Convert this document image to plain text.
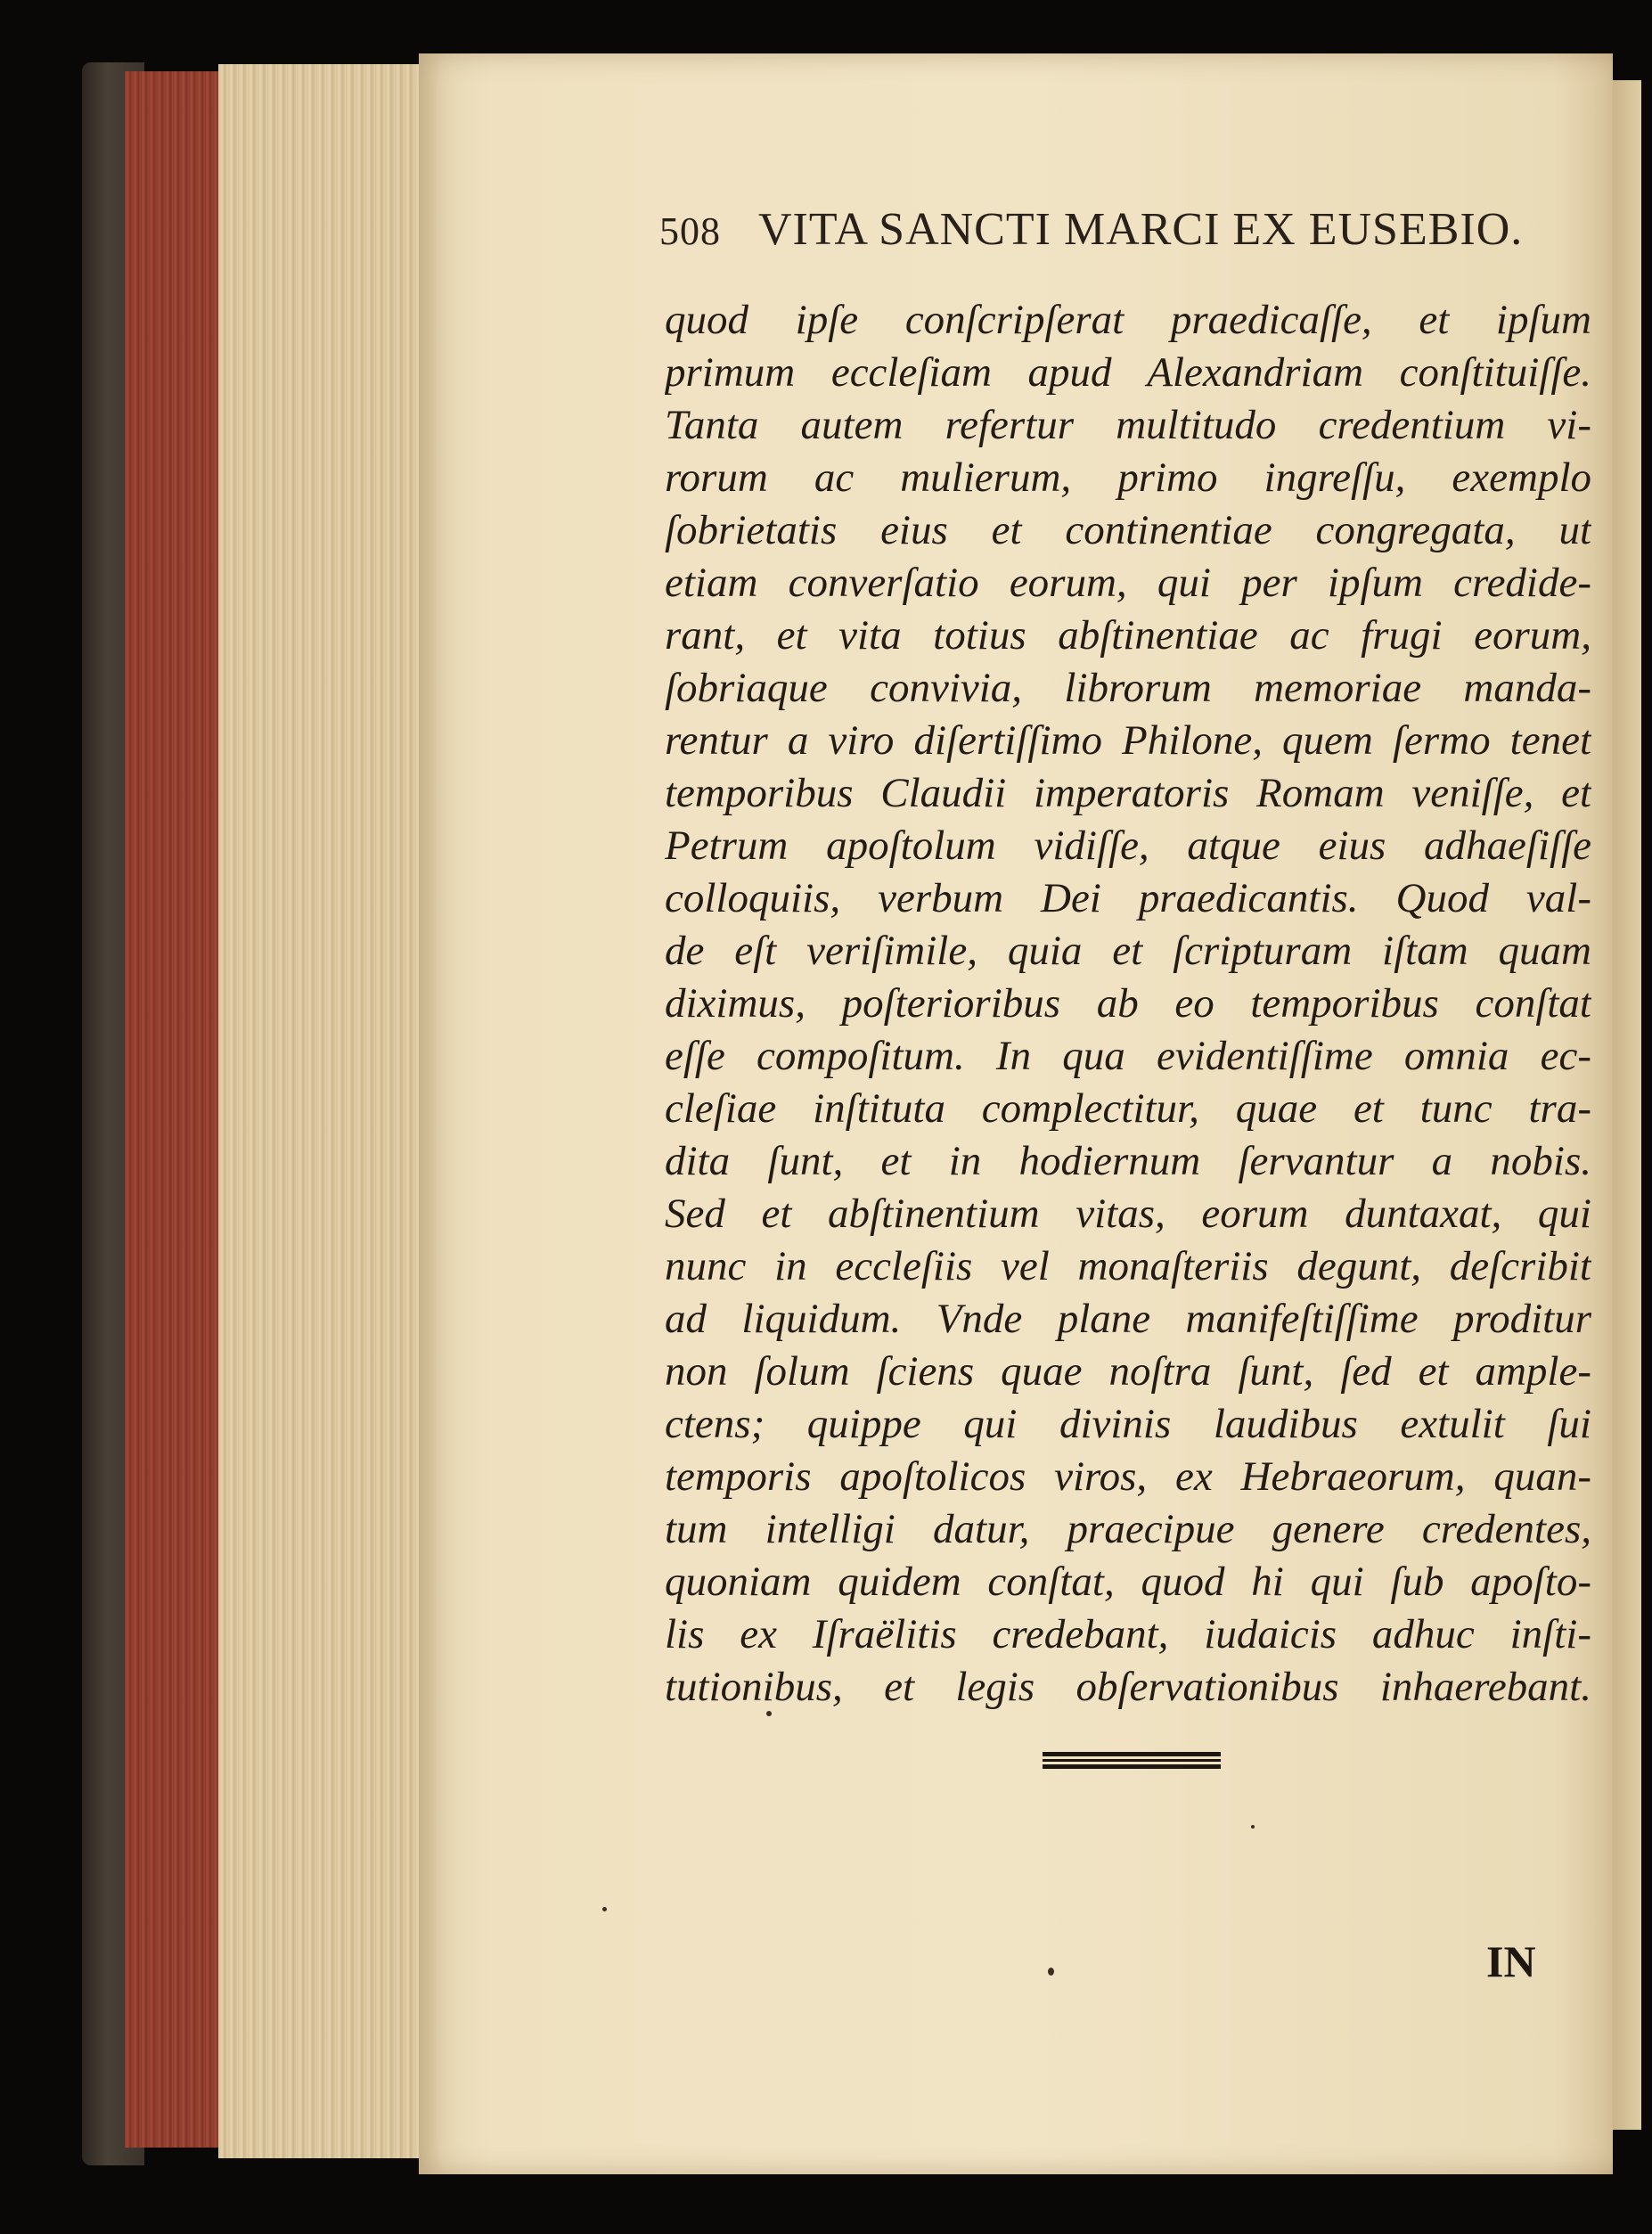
508 VITA SANCTI MARCI EX EUSEBIO.
quod ipſe conſcripſerat praedicaſſe, et ipſum
primum eccleſiam apud Alexandriam conſtituiſſe.
Tanta autem refertur multitudo credentium vi-
rorum ac mulierum, primo ingreſſu, exemplo
ſobrietatis eius et continentiae congregata, ut
etiam converſatio eorum, qui per ipſum credide-
rant, et vita totius abſtinentiae ac frugi eorum,
ſobriaque convivia, librorum memoriae manda-
rentur a viro diſertiſſimo Philone, quem ſermo tenet
temporibus Claudii imperatoris Romam veniſſe, et
Petrum apoſtolum vidiſſe, atque eius adhaeſiſſe
colloquiis, verbum Dei praedicantis. Quod val-
de eſt veriſimile, quia et ſcripturam iſtam quam
diximus, poſterioribus ab eo temporibus conſtat
eſſe compoſitum. In qua evidentiſſime omnia ec-
cleſiae inſtituta complectitur, quae et tunc tra-
dita ſunt, et in hodiernum ſervantur a nobis.
Sed et abſtinentium vitas, eorum duntaxat, qui
nunc in eccleſiis vel monaſteriis degunt, deſcribit
ad liquidum. Vnde plane manifeſtiſſime proditur
non ſolum ſciens quae noſtra ſunt, ſed et ample-
ctens; quippe qui divinis laudibus extulit ſui
temporis apoſtolicos viros, ex Hebraeorum, quan-
tum intelligi datur, praecipue genere credentes,
quoniam quidem conſtat, quod hi qui ſub apoſto-
lis ex Iſraëlitis credebant, iudaicis adhuc inſti-
tutionibus, et legis obſervationibus inhaerebant.
IN
